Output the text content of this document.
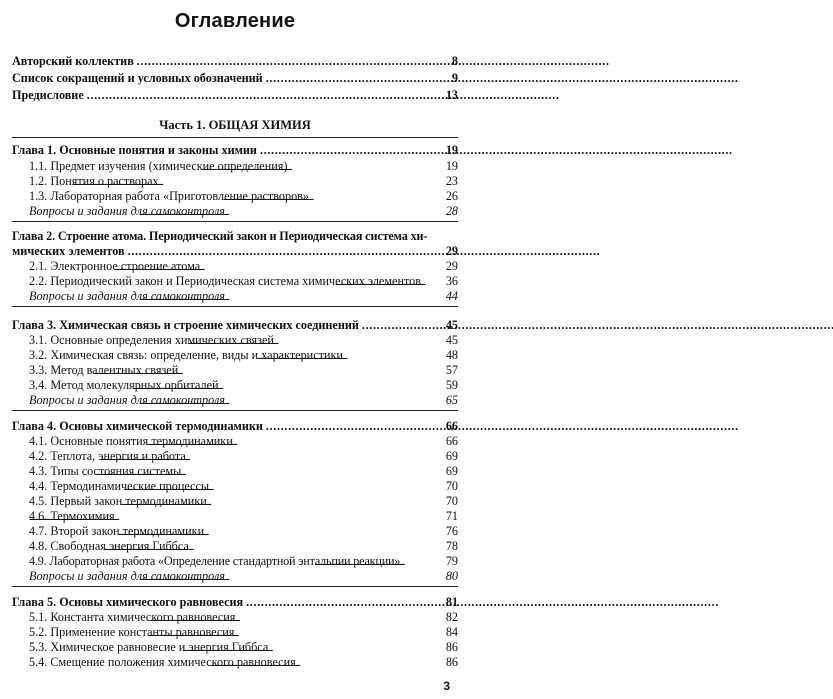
Оглавление
Авторский коллектив . . .	8
Список сокращений и условных обозначений . . .	9
Предисловие . . .	13
Часть 1. ОБЩАЯ ХИМИЯ
Глава 1. Основные понятия и законы химии . . .	19
1.1. Предмет изучения (химические определения) . . .	19
1.2. Понятия о растворах . . .	23
1.3. Лабораторная работа «Приготовление растворов» . . .	26
Вопросы и задания для самоконтроля . . .	28
Глава 2. Строение атома. Периодический закон и Периодическая система хи-
мических элементов . . .	29
2.1. Электронное строение атома . . .	29
2.2. Периодический закон и Периодическая система химических элементов . . .	36
Вопросы и задания для самоконтроля . . .	44
Глава 3. Химическая связь и строение химических соединений . . .	45
3.1. Основные определения химических связей . . .	45
3.2. Химическая связь: определение, виды и характеристики . . .	48
3.3. Метод валентных связей . . .	57
3.4. Метод молекулярных орбиталей . . .	59
Вопросы и задания для самоконтроля . . .	65
Глава 4. Основы химической термодинамики . . .	66
4.1. Основные понятия термодинамики . . .	66
4.2. Теплота, энергия и работа . . .	69
4.3. Типы состояния системы . . .	69
4.4. Термодинамические процессы . . .	70
4.5. Первый закон термодинамики . . .	70
4.6. Термохимия . . .	71
4.7. Второй закон термодинамики . . .	76
4.8. Свободная энергия Гиббса . . .	78
4.9. Лабораторная работа «Определение стандартной энтальпии реакции» . . .	79
Вопросы и задания для самоконтроля . . .	80
Глава 5. Основы химического равновесия . . .	81
5.1. Константа химического равновесия . . .	82
5.2. Применение константы равновесия . . .	84
5.3. Химическое равновесие и энергия Гиббса . . .	86
5.4. Смещение положения химического равновесия . . .	86
3
